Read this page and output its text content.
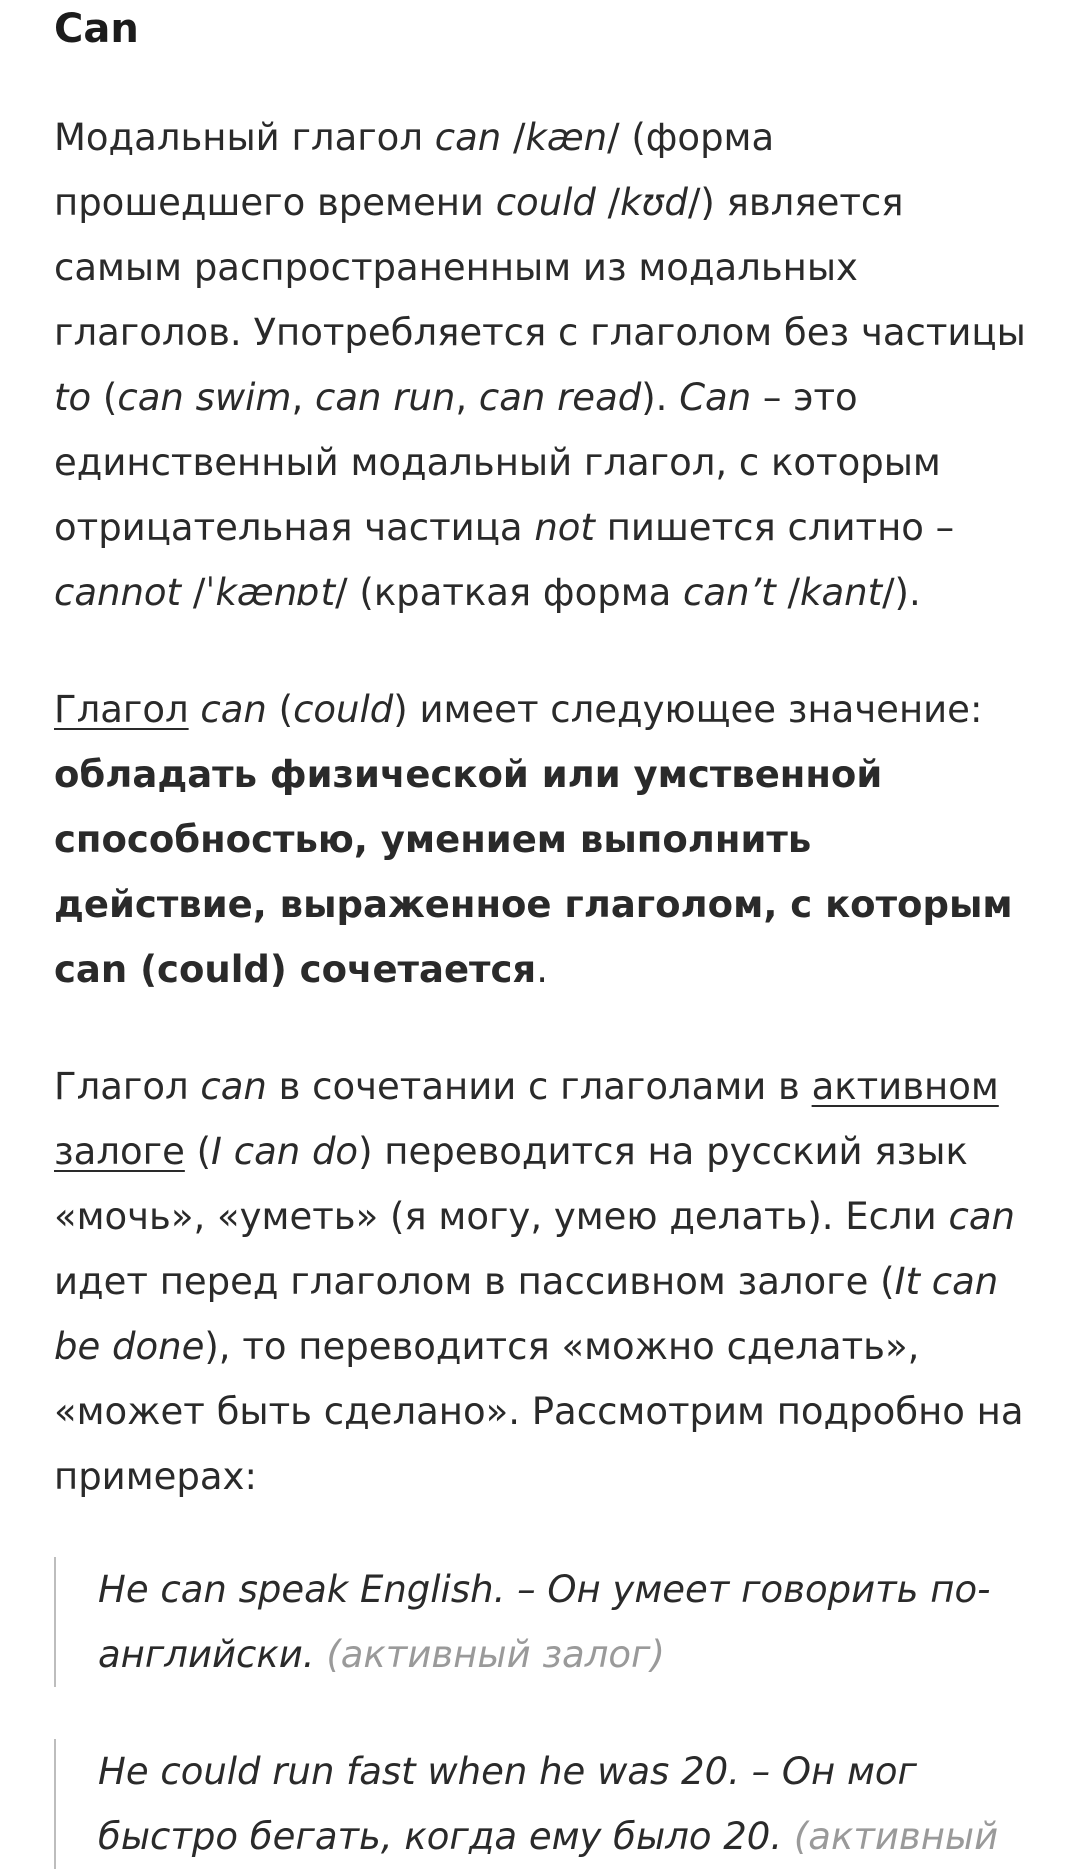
Can

Модальный глагол can /kæn/ (форма прошедшего времени could /kʊd/) является самым распространенным из модальных глаголов. Употребляется с глаголом без частицы to (can swim, can run, can read). Can – это единственный модальный глагол, с которым отрицательная частица not пишется слитно – cannot /ˈkænɒt/ (краткая форма can’t /kant/).

Глагол can (could) имеет следующее значение: обладать физической или умственной способностью, умением выполнить действие, выраженное глаголом, с которым can (could) сочетается.

Глагол can в сочетании с глаголами в активном залоге (I can do) переводится на русский язык «мочь», «уметь» (я могу, умею делать). Если can идет перед глаголом в пассивном залоге (It can be done), то переводится «можно сделать», «может быть сделано». Рассмотрим подробно на примерах:

He can speak English. – Он умеет говорить по-английски. (активный залог)
He could run fast when he was 20. – Он мог быстро бегать, когда ему было 20. (активный
